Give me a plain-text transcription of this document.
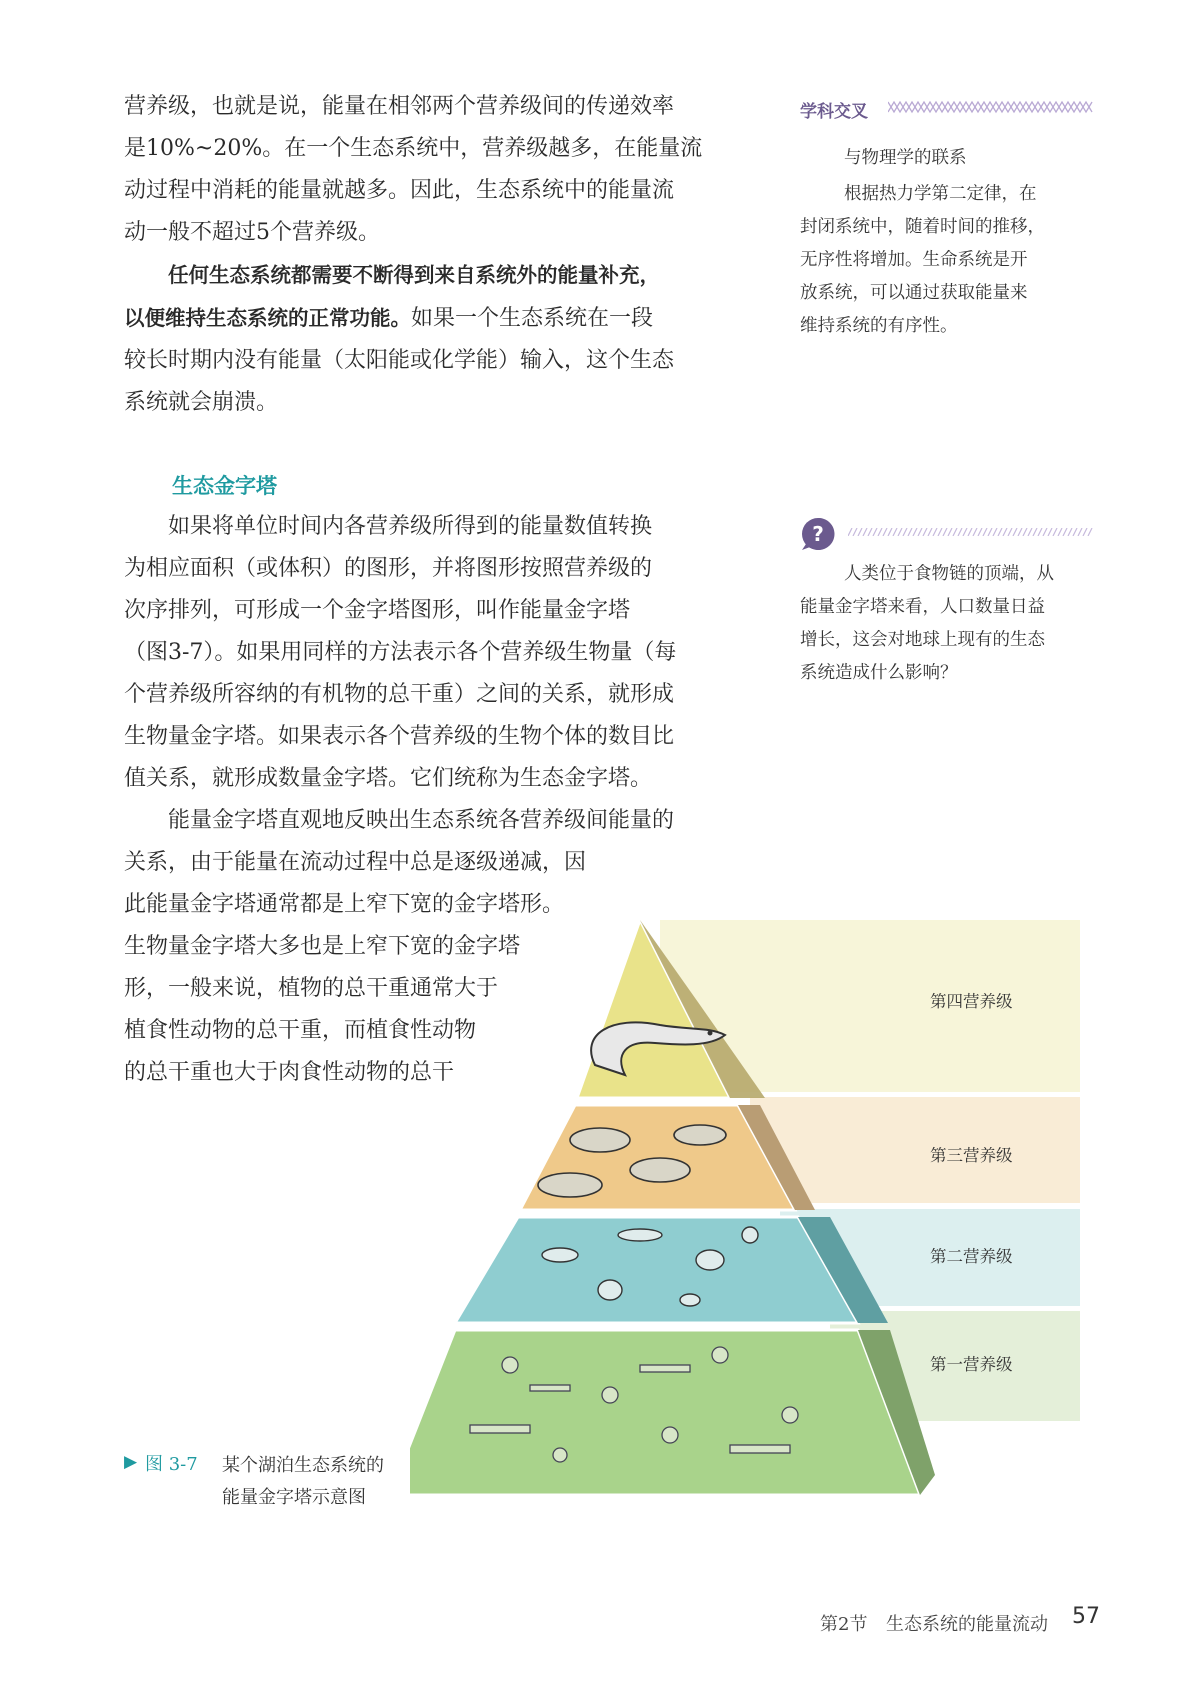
营养级，也就是说，能量在相邻两个营养级间的传递效率
是10%~20%。在一个生态系统中，营养级越多，在能量流
动过程中消耗的能量就越多。因此，生态系统中的能量流
动一般不超过5个营养级。
任何生态系统都需要不断得到来自系统外的能量补充，
以便维持生态系统的正常功能。如果一个生态系统在一段
较长时期内没有能量（太阳能或化学能）输入，这个生态
系统就会崩溃。
生态金字塔
如果将单位时间内各营养级所得到的能量数值转换
为相应面积（或体积）的图形，并将图形按照营养级的
次序排列，可形成一个金字塔图形，叫作能量金字塔
（图3-7）。如果用同样的方法表示各个营养级生物量（每
个营养级所容纳的有机物的总干重）之间的关系，就形成
生物量金字塔。如果表示各个营养级的生物个体的数目比
值关系，就形成数量金字塔。它们统称为生态金字塔。
能量金字塔直观地反映出生态系统各营养级间能量的
关系，由于能量在流动过程中总是逐级递减，因
此能量金字塔通常都是上窄下宽的金字塔形。
生物量金字塔大多也是上窄下宽的金字塔
形，一般来说，植物的总干重通常大于
植食性动物的总干重，而植食性动物
的总干重也大于肉食性动物的总干
学科交叉
与物理学的联系
根据热力学第二定律，在
封闭系统中，随着时间的推移，
无序性将增加。生命系统是开
放系统，可以通过获取能量来
维持系统的有序性。
?
人类位于食物链的顶端，从
能量金字塔来看，人口数量日益
增长，这会对地球上现有的生态
系统造成什么影响？
第四营养级
第三营养级
第二营养级
第一营养级
▶ 图 3-7 某个湖泊生态系统的
能量金字塔示意图
第2节 生态系统的能量流动 57
